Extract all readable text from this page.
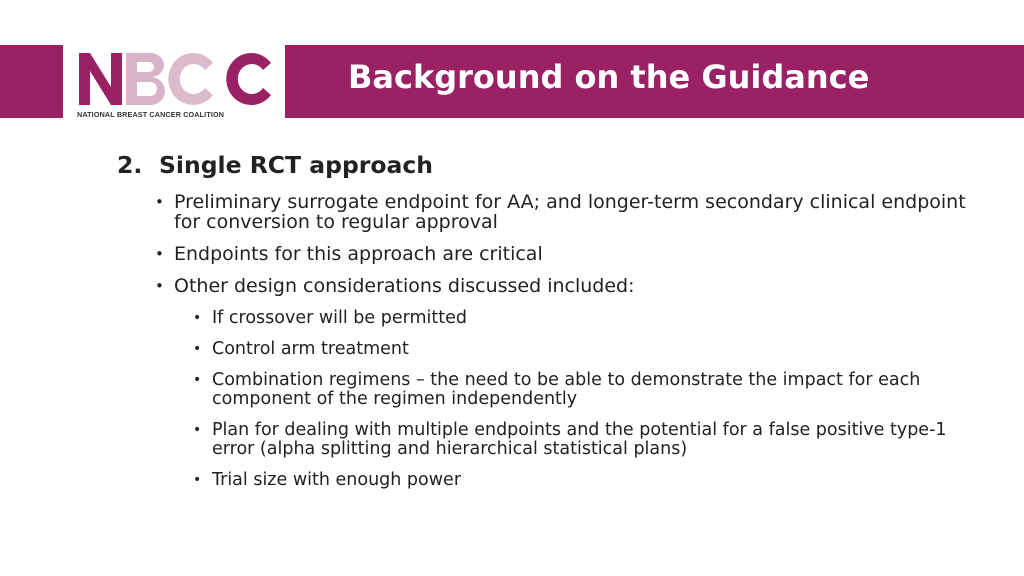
NATIONAL BREAST CANCER COALITION
Background on the Guidance
2. Single RCT approach
• Preliminary surrogate endpoint for AA; and longer-term secondary clinical endpoint for conversion to regular approval
• Endpoints for this approach are critical
• Other design considerations discussed included:
• If crossover will be permitted
• Control arm treatment
• Combination regimens – the need to be able to demonstrate the impact for each component of the regimen independently
• Plan for dealing with multiple endpoints and the potential for a false positive type-1 error (alpha splitting and hierarchical statistical plans)
• Trial size with enough power
